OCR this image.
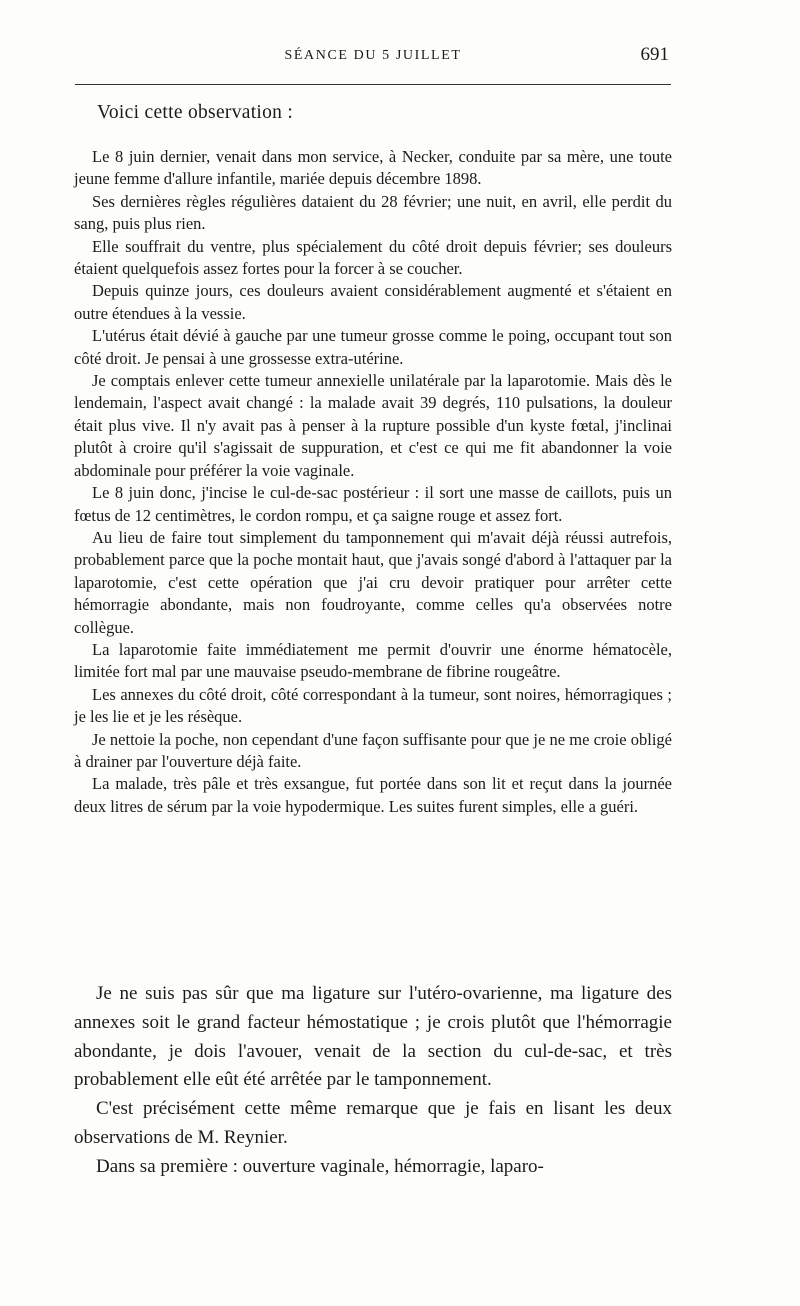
SÉANCE DU 5 JUILLET	691
Voici cette observation :

Le 8 juin dernier, venait dans mon service, à Necker, conduite par sa mère, une toute jeune femme d'allure infantile, mariée depuis décembre 1898.

Ses dernières règles régulières dataient du 28 février; une nuit, en avril, elle perdit du sang, puis plus rien.

Elle souffrait du ventre, plus spécialement du côté droit depuis février; ses douleurs étaient quelquefois assez fortes pour la forcer à se coucher.

Depuis quinze jours, ces douleurs avaient considérablement augmenté et s'étaient en outre étendues à la vessie.

L'utérus était dévié à gauche par une tumeur grosse comme le poing, occupant tout son côté droit. Je pensai à une grossesse extra-utérine.

Je comptais enlever cette tumeur annexielle unilatérale par la laparotomie. Mais dès le lendemain, l'aspect avait changé : la malade avait 39 degrés, 110 pulsations, la douleur était plus vive. Il n'y avait pas à penser à la rupture possible d'un kyste fœtal, j'inclinai plutôt à croire qu'il s'agissait de suppuration, et c'est ce qui me fit abandonner la voie abdominale pour préférer la voie vaginale.

Le 8 juin donc, j'incise le cul-de-sac postérieur : il sort une masse de caillots, puis un fœtus de 12 centimètres, le cordon rompu, et ça saigne rouge et assez fort.

Au lieu de faire tout simplement du tamponnement qui m'avait déjà réussi autrefois, probablement parce que la poche montait haut, que j'avais songé d'abord à l'attaquer par la laparotomie, c'est cette opération que j'ai cru devoir pratiquer pour arrêter cette hémorragie abondante, mais non foudroyante, comme celles qu'a observées notre collègue.

La laparotomie faite immédiatement me permit d'ouvrir une énorme hématocèle, limitée fort mal par une mauvaise pseudo-membrane de fibrine rougeâtre.

Les annexes du côté droit, côté correspondant à la tumeur, sont noires, hémorragiques ; je les lie et je les résèque.

Je nettoie la poche, non cependant d'une façon suffisante pour que je ne me croie obligé à drainer par l'ouverture déjà faite.

La malade, très pâle et très exsangue, fut portée dans son lit et reçut dans la journée deux litres de sérum par la voie hypodermique. Les suites furent simples, elle a guéri.

Je ne suis pas sûr que ma ligature sur l'utéro-ovarienne, ma ligature des annexes soit le grand facteur hémostatique ; je crois plutôt que l'hémorragie abondante, je dois l'avouer, venait de la section du cul-de-sac, et très probablement elle eût été arrêtée par le tamponnement.

C'est précisément cette même remarque que je fais en lisant les deux observations de M. Reynier.

Dans sa première : ouverture vaginale, hémorragie, laparo-
